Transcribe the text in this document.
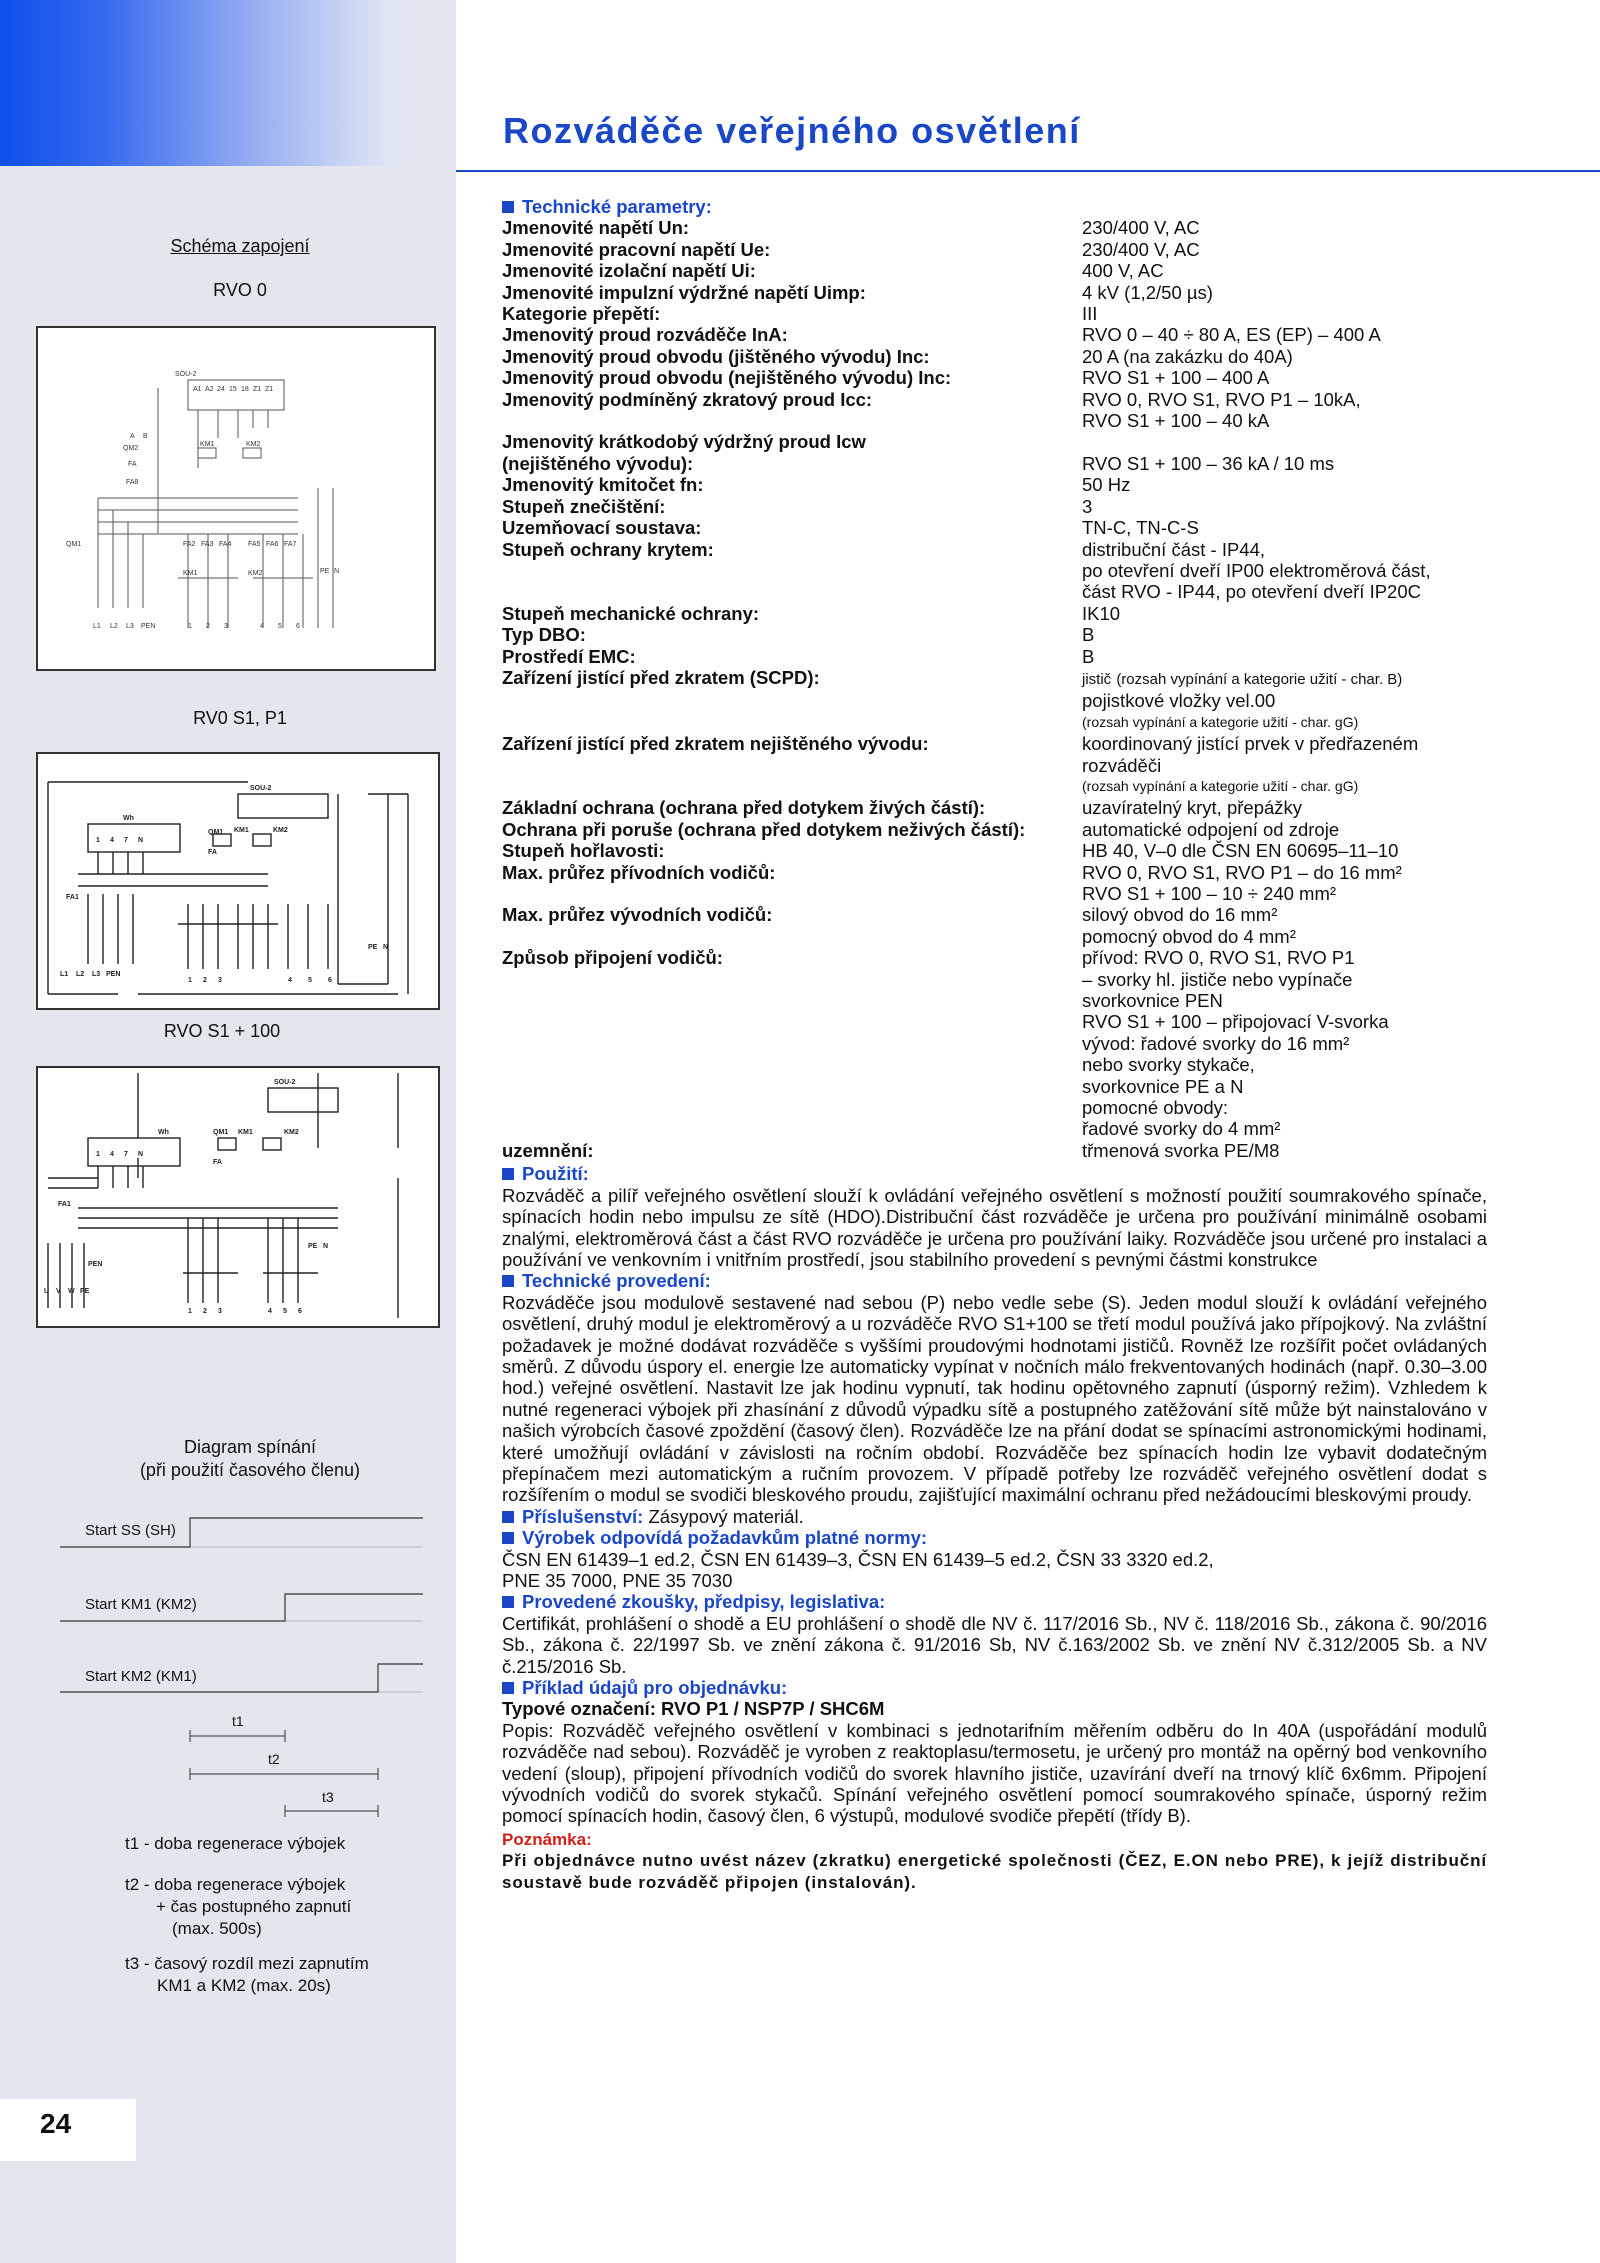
Rozváděče veřejného osvětlení
Schéma zapojení
RVO 0
SOU-2
A1 A2 24 15 18 Z1 Z1
A B
QM2
FA
FA8
KM1	KM2
QM1	FA2 FA3 FA4 FA5 FA6 FA7
KM1	KM2	PE N
L1 L2 L3 PEN	1 2 3	4 5 6
RV0 S1, P1
Wh
1 4 7 N
SOU-2
QM1
FA
KM1	KM2
FA1
PE N
L1 L2 L3 PEN
1 2 3	4 5 6
RVO S1 + 100
Wh
1 4 7 N
SOU-2
QM1
FA
KM1	KM2
FA1
PEN
PE N
U V W PE
1 2 3	4 5 6
Diagram spínání
(při použití časového členu)
Start SS (SH)
Start KM1 (KM2)
Start KM2 (KM1)
t1
t2
t3
t1 - doba regenerace výbojek
t2 - doba regenerace výbojek
+ čas postupného zapnutí
(max. 500s)
t3 - časový rozdíl mezi zapnutím
KM1 a KM2 (max. 20s)
24
Technické parametry:
Jmenovité napětí Un:	230/400 V, AC
Jmenovité pracovní napětí Ue:	230/400 V, AC
Jmenovité izolační napětí Ui:	400 V, AC
Jmenovité impulzní výdržné napětí Uimp:	4 kV (1,2/50 µs)
Kategorie přepětí:	III
Jmenovitý proud rozváděče InA:	RVO 0 – 40 ÷ 80 A, ES (EP) – 400 A
Jmenovitý proud obvodu (jištěného vývodu) Inc:	20 A (na zakázku do 40A)
Jmenovitý proud obvodu (nejištěného vývodu) Inc:	RVO S1 + 100 – 400 A
Jmenovitý podmíněný zkratový proud Icc:	RVO 0, RVO S1, RVO P1 – 10kA,
RVO S1 + 100 – 40 kA
Jmenovitý krátkodobý výdržný proud Icw
(nejištěného vývodu):	RVO S1 + 100 – 36 kA / 10 ms
Jmenovitý kmitočet fn:	50 Hz
Stupeň znečištění:	3
Uzemňovací soustava:	TN-C, TN-C-S
Stupeň ochrany krytem:	distribuční část - IP44,
po otevření dveří IP00 elektroměrová část,
část RVO - IP44, po otevření dveří IP20C
Stupeň mechanické ochrany:	IK10
Typ DBO:	B
Prostředí EMC:	B
Zařízení jistící před zkratem (SCPD):	jistič (rozsah vypínání a kategorie užití - char. B)
pojistkové vložky vel.00
(rozsah vypínání a kategorie užití - char. gG)
Zařízení jistící před zkratem nejištěného vývodu:	koordinovaný jistící prvek v předřazeném
rozváděči
(rozsah vypínání a kategorie užití - char. gG)
Základní ochrana (ochrana před dotykem živých částí):	uzavíratelný kryt, přepážky
Ochrana při poruše (ochrana před dotykem neživých částí):	automatické odpojení od zdroje
Stupeň hořlavosti:	HB 40, V–0 dle ČSN EN 60695–11–10
Max. průřez přívodních vodičů:	RVO 0, RVO S1, RVO P1 – do 16 mm²
RVO S1 + 100 – 10 ÷ 240 mm²
Max. průřez vývodních vodičů:	silový obvod do 16 mm²
pomocný obvod do 4 mm²
Způsob připojení vodičů:	přívod: RVO 0, RVO S1, RVO P1
– svorky hl. jističe nebo vypínače
svorkovnice PEN
RVO S1 + 100 – připojovací V-svorka
vývod: řadové svorky do 16 mm²
nebo svorky stykače,
svorkovnice PE a N
pomocné obvody:
řadové svorky do 4 mm²
uzemnění:	třmenová svorka PE/M8
Použití:

Rozváděč a pilíř veřejného osvětlení slouží k ovládání veřejného osvětlení s možností použití soumrakového spínače, spínacích hodin nebo impulsu ze sítě (HDO).Distribuční část rozváděče je určena pro používání minimálně osobami znalými, elektroměrová část a část RVO rozváděče je určena pro používání laiky. Rozváděče jsou určené pro instalaci a používání ve venkovním i vnitřním prostředí, jsou stabilního provedení s pevnými částmi konstrukce

Technické provedení:

Rozváděče jsou modulově sestavené nad sebou (P) nebo vedle sebe (S). Jeden modul slouží k ovládání veřejného osvětlení, druhý modul je elektroměrový a u rozváděče RVO S1+100 se třetí modul používá jako přípojkový. Na zvláštní požadavek je možné dodávat rozváděče s vyššími proudovými hodnotami jističů. Rovněž lze rozšířit počet ovládaných směrů. Z důvodu úspory el. energie lze automaticky vypínat v nočních málo frekventovaných hodinách (např. 0.30–3.00 hod.) veřejné osvětlení. Nastavit lze jak hodinu vypnutí, tak hodinu opětovného zapnutí (úsporný režim). Vzhledem k nutné regeneraci výbojek při zhasínání z důvodů výpadku sítě a postupného zatěžování sítě může být nainstalováno v našich výrobcích časové zpoždění (časový člen). Rozváděče lze na přání dodat se spínacími astronomickými hodinami, které umožňují ovládání v závislosti na ročním období. Rozváděče bez spínacích hodin lze vybavit dodatečným přepínačem mezi automatickým a ručním provozem. V případě potřeby lze rozváděč veřejného osvětlení dodat s rozšířením o modul se svodiči bleskového proudu, zajišťující maximální ochranu před nežádoucími bleskovými proudy.

Příslušenství: Zásypový materiál.
Výrobek odpovídá požadavkům platné normy:
ČSN EN 61439–1 ed.2, ČSN EN 61439–3, ČSN EN 61439–5 ed.2, ČSN 33 3320 ed.2,
PNE 35 7000, PNE 35 7030
Provedené zkoušky, předpisy, legislativa:

Certifikát, prohlášení o shodě a EU prohlášení o shodě dle NV č. 117/2016 Sb., NV č. 118/2016 Sb., zákona č. 90/2016 Sb., zákona č. 22/1997 Sb. ve znění zákona č. 91/2016 Sb, NV č.163/2002 Sb. ve znění NV č.312/2005 Sb. a NV č.215/2016 Sb.

Příklad údajů pro objednávku:
Typové označení: RVO P1 / NSP7P / SHC6M

Popis: Rozváděč veřejného osvětlení v kombinaci s jednotarifním měřením odběru do In 40A (uspořádání modulů rozváděče nad sebou). Rozváděč je vyroben z reaktoplasu/termosetu, je určený pro montáž na opěrný bod venkovního vedení (sloup), připojení přívodních vodičů do svorek hlavního jističe, uzavírání dveří na trnový klíč 6x6mm. Připojení vývodních vodičů do svorek stykačů. Spínání veřejného osvětlení pomocí soumrakového spínače, úsporný režim pomocí spínacích hodin, časový člen, 6 výstupů, modulové svodiče přepětí (třídy B).

Poznámka:

Při objednávce nutno uvést název (zkratku) energetické společnosti (ČEZ, E.ON nebo PRE), k jejíž distribuční soustavě bude rozváděč připojen (instalován).
